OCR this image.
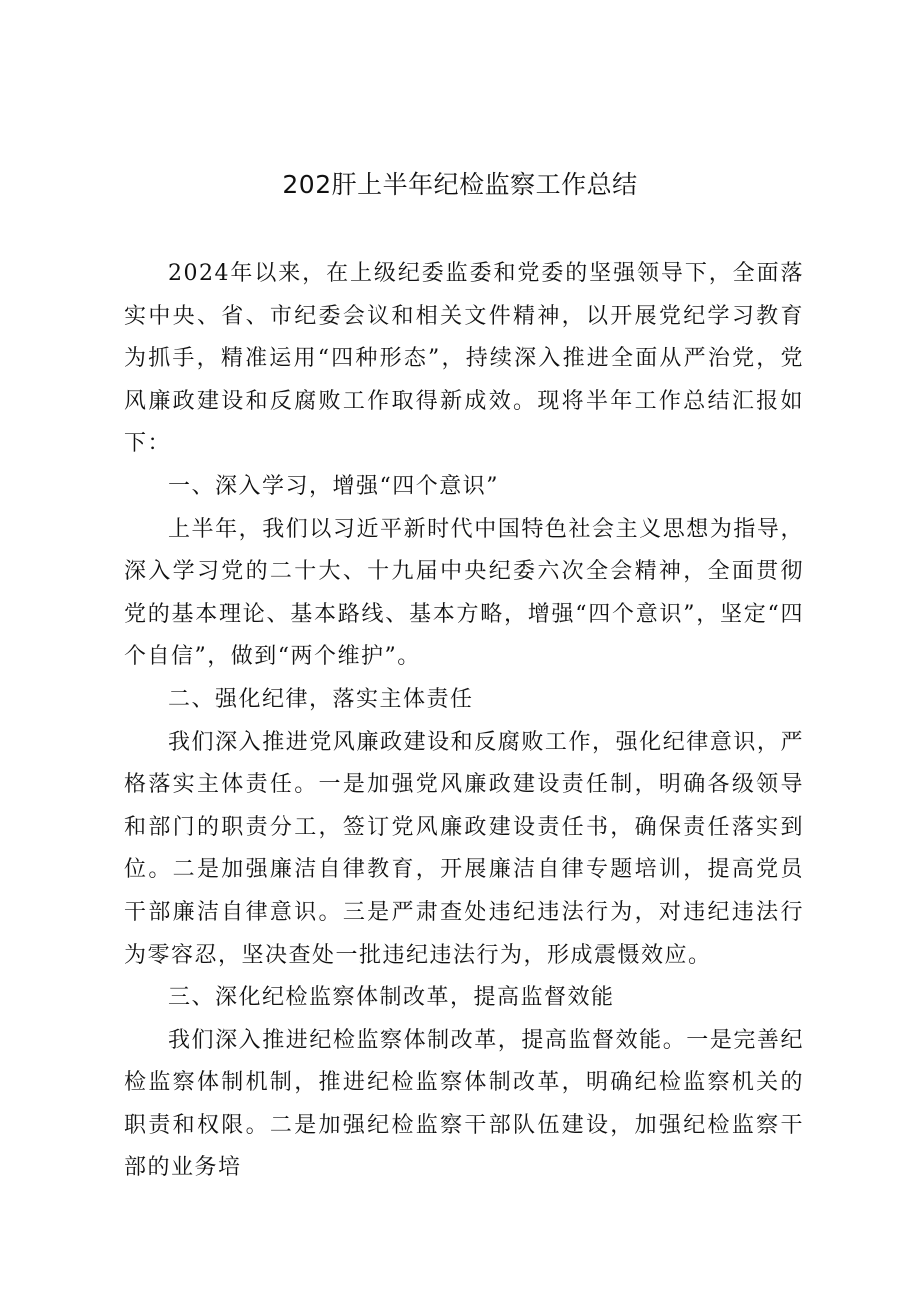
202肝上半年纪检监察工作总结

2024年以来，在上级纪委监委和党委的坚强领导下，全面落实中央、省、市纪委会议和相关文件精神，以开展党纪学习教育为抓手，精准运用“四种形态”，持续深入推进全面从严治党，党风廉政建设和反腐败工作取得新成效。现将半年工作总结汇报如下：

一、深入学习，增强“四个意识”

上半年，我们以习近平新时代中国特色社会主义思想为指导，深入学习党的二十大、十九届中央纪委六次全会精神，全面贯彻党的基本理论、基本路线、基本方略，增强“四个意识”，坚定“四个自信”，做到“两个维护”。

二、强化纪律，落实主体责任

我们深入推进党风廉政建设和反腐败工作，强化纪律意识，严格落实主体责任。一是加强党风廉政建设责任制，明确各级领导和部门的职责分工，签订党风廉政建设责任书，确保责任落实到位。二是加强廉洁自律教育，开展廉洁自律专题培训，提高党员干部廉洁自律意识。三是严肃查处违纪违法行为，对违纪违法行为零容忍，坚决查处一批违纪违法行为，形成震慑效应。

三、深化纪检监察体制改革，提高监督效能

我们深入推进纪检监察体制改革，提高监督效能。一是完善纪检监察体制机制，推进纪检监察体制改革，明确纪检监察机关的职责和权限。二是加强纪检监察干部队伍建设，加强纪检监察干部的业务培
